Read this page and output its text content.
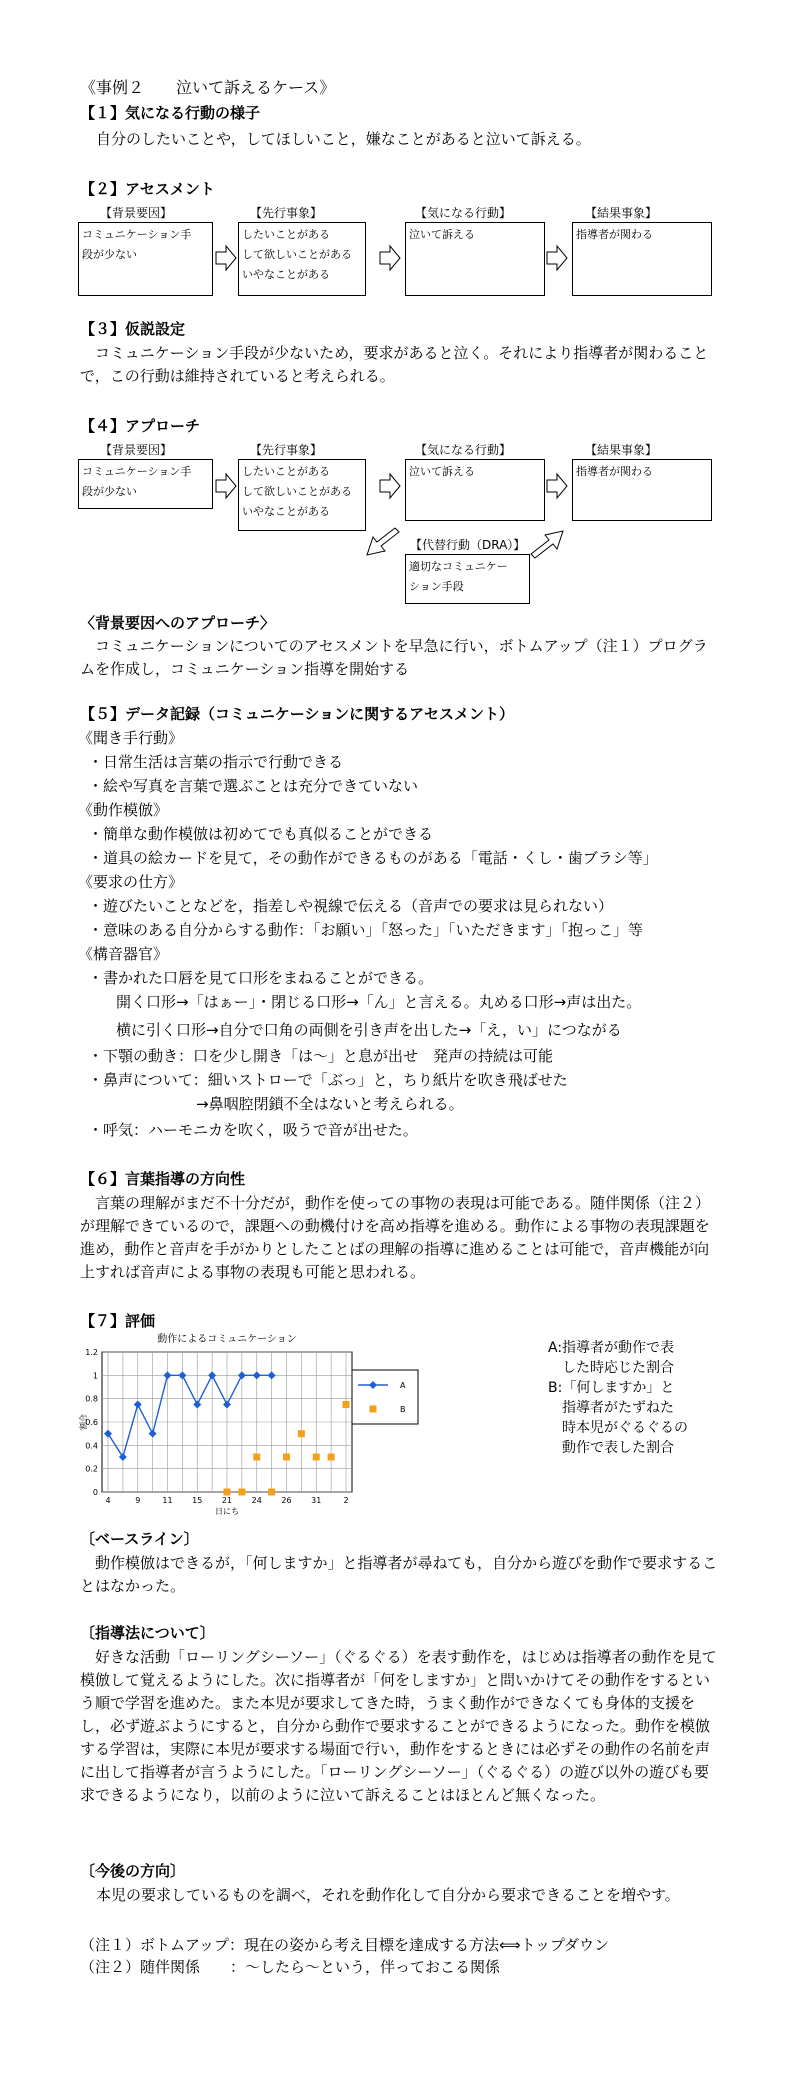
《事例２　　泣いて訴えるケース》
【１】気になる行動の様子
自分のしたいことや，してほしいこと，嫌なことがあると泣いて訴える。
【２】アセスメント
【背景要因】	【先行事象】	【気になる行動】	【結果事象】
コミュニケーション手
段が少ない
したいことがある
して欲しいことがある
いやなことがある
泣いて訴える	指導者が関わる
【３】仮説設定
コミュニケーション手段が少ないため，要求があると泣く。それにより指導者が関わることで，この行動は維持されていると考えられる。
【４】アプローチ
【背景要因】	【先行事象】	【気になる行動】	【結果事象】
コミュニケーション手
段が少ない
したいことがある
して欲しいことがある
いやなことがある
泣いて訴える	指導者が関わる
【代替行動（DRA）】
適切なコミュニケー
ション手段
〈背景要因へのアプローチ〉
コミュニケーションについてのアセスメントを早急に行い，ボトムアップ（注１）プログラムを作成し，コミュニケーション指導を開始する
【５】データ記録（コミュニケーションに関するアセスメント）
《聞き手行動》
・日常生活は言葉の指示で行動できる
・絵や写真を言葉で選ぶことは充分できていない
《動作模倣》
・簡単な動作模倣は初めてでも真似ることができる
・道具の絵カードを見て，その動作ができるものがある「電話・くし・歯ブラシ等」
《要求の仕方》
・遊びたいことなどを，指差しや視線で伝える（音声での要求は見られない）
・意味のある自分からする動作：「お願い」「怒った」「いただきます」「抱っこ」等
《構音器官》
・書かれた口唇を見て口形をまねることができる。
開く口形→「はぁー」・閉じる口形→「ん」と言える。丸める口形→声は出た。
横に引く口形→自分で口角の両側を引き声を出した→「え，い」につながる
・下顎の動き：口を少し開き「は～」と息が出せ　発声の持続は可能
・鼻声について：細いストローで「ぶっ」と，ちり紙片を吹き飛ばせた
→鼻咽腔閉鎖不全はないと考えられる。
・呼気：ハーモニカを吹く，吸うで音が出せた。
【６】言葉指導の方向性
言葉の理解がまだ不十分だが，動作を使っての事物の表現は可能である。随伴関係（注２）が理解できているので，課題への動機付けを高め指導を進める。動作による事物の表現課題を進め，動作と音声を手がかりとしたことばの理解の指導に進めることは可能で，音声機能が向上すれば音声による事物の表現も可能と思われる。
【７】評価
動作によるコミュニケーション
0
0.2
0.4
0.6
0.8
1
1.2
4	9	11 15 21 24 26 31	2
日にち
割合
A
B
A:指導者が動作で表
した時応じた割合
B:「何しますか」と
指導者がたずねた
時本児がぐるぐるの
動作で表した割合
〔ベースライン〕
動作模倣はできるが，「何しますか」と指導者が尋ねても，自分から遊びを動作で要求することはなかった。
〔指導法について〕
好きな活動「ローリングシーソー」（ぐるぐる）を表す動作を，はじめは指導者の動作を見て模倣して覚えるようにした。次に指導者が「何をしますか」と問いかけてその動作をするという順で学習を進めた。また本児が要求してきた時，うまく動作ができなくても身体的支援をし，必ず遊ぶようにすると，自分から動作で要求することができるようになった。動作を模倣する学習は，実際に本児が要求する場面で行い，動作をするときには必ずその動作の名前を声に出して指導者が言うようにした。「ローリングシーソー」（ぐるぐる）の遊び以外の遊びも要求できるようになり，以前のように泣いて訴えることはほとんど無くなった。
〔今後の方向〕
本児の要求しているものを調べ，それを動作化して自分から要求できることを増やす。
（注１）ボトムアップ：現在の姿から考え目標を達成する方法⟺トップダウン
（注２）随伴関係　　：～したら～という，伴っておこる関係
